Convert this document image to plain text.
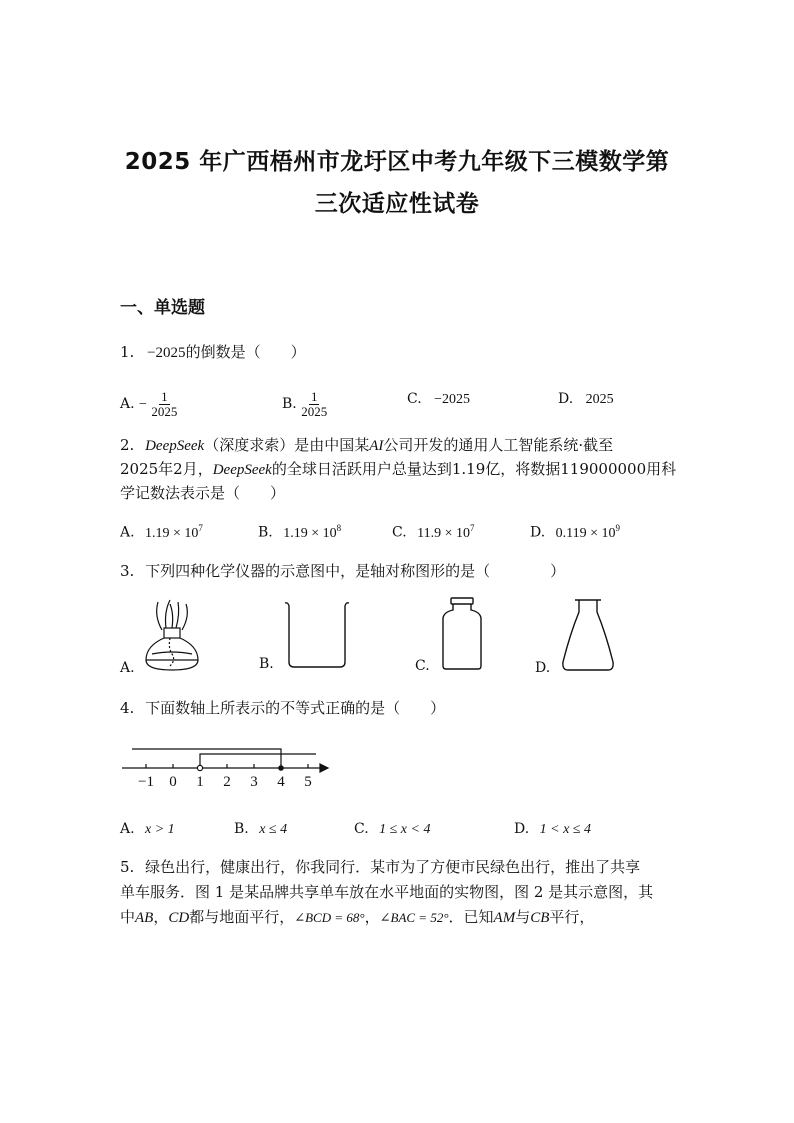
2025 年广西梧州市龙圩区中考九年级下三模数学第
三次适应性试卷
一、单选题
1. −2025的倒数是（　　）
A. − $\frac{1}{2025}$	B. $\frac{1}{2025}$	C. −2025	D. 2025
2. DeepSeek（深度求索）是由中国某AI公司开发的通用人工智能系统·截至
2025年2月，DeepSeek的全球日活跃用户总量达到1.19亿，将数据119000000用科
学记数法表示是（　　）
A. $1.19 \times 10^7$	B. $1.19 \times 10^8$	C. $11.9 \times 10^7$	D. $0.119 \times 10^9$
3. 下列四种化学仪器的示意图中，是轴对称图形的是（　　　　）
A.	B.	C.	D.
4. 下面数轴上所表示的不等式正确的是（　　）
−1 0 1 2 3 4 5
A. x > 1	B. x ≤ 4	C. 1 ≤ x < 4	D. 1 < x ≤ 4
5. 绿色出行，健康出行，你我同行．某市为了方便市民绿色出行，推出了共享
单车服务．图 1 是某品牌共享单车放在水平地面的实物图，图 2 是其示意图，其
中AB，CD都与地面平行，∠BCD = 68°，∠BAC = 52°．已知AM与CB平行，
